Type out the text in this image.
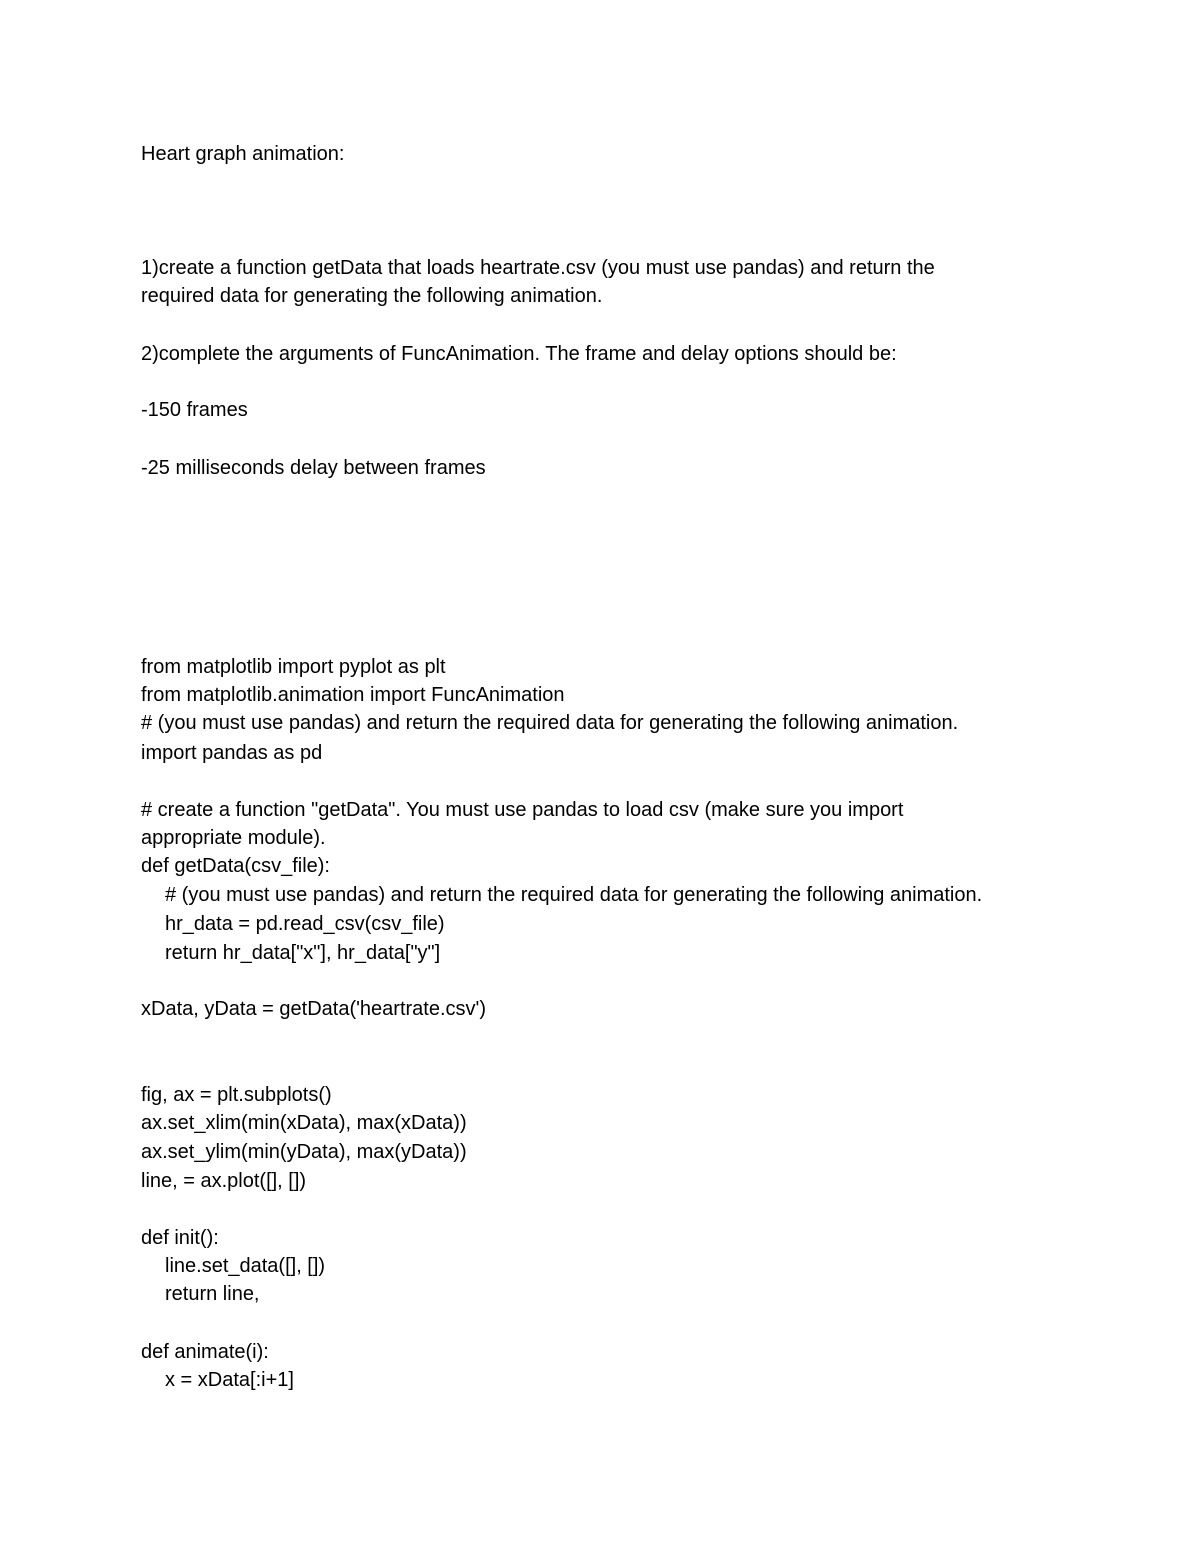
Heart graph animation:
1)create a function getData that loads heartrate.csv (you must use pandas) and return the
required data for generating the following animation.
2)complete the arguments of FuncAnimation. The frame and delay options should be:
-150 frames
-25 milliseconds delay between frames
from matplotlib import pyplot as plt
from matplotlib.animation import FuncAnimation
# (you must use pandas) and return the required data for generating the following animation.
import pandas as pd
# create a function "getData". You must use pandas to load csv (make sure you import
appropriate module).
def getData(csv_file):
# (you must use pandas) and return the required data for generating the following animation.
hr_data = pd.read_csv(csv_file)
return hr_data["x"], hr_data["y"]
xData, yData = getData('heartrate.csv')
fig, ax = plt.subplots()
ax.set_xlim(min(xData), max(xData))
ax.set_ylim(min(yData), max(yData))
line, = ax.plot([], [])
def init():
line.set_data([], [])
return line,
def animate(i):
x = xData[:i+1]
